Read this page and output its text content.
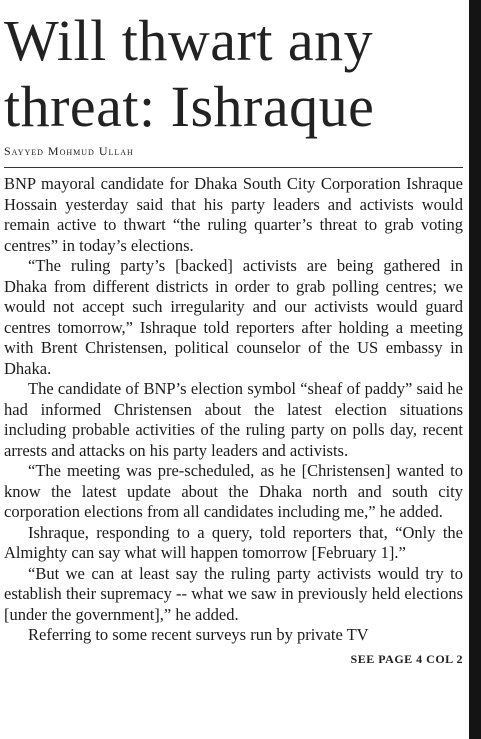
Will thwart any
threat: Ishraque
Sayyed Mohmud Ullah

BNP mayoral candidate for Dhaka South City Corporation Ishraque Hossain yesterday said that his party leaders and activists would remain active to thwart “the ruling quarter’s threat to grab voting centres” in today’s elections.

“The ruling party’s [backed] activists are being gathered in Dhaka from different districts in order to grab polling centres; we would not accept such irregularity and our activists would guard centres tomorrow,” Ishraque told reporters after holding a meeting with Brent Christensen, political counselor of the US embassy in Dhaka.

The candidate of BNP’s election symbol “sheaf of paddy” said he had informed Christensen about the latest election situations including probable activities of the ruling party on polls day, recent arrests and attacks on his party leaders and activists.

“The meeting was pre-scheduled, as he [Christensen] wanted to know the latest update about the Dhaka north and south city corporation elections from all candidates including me,” he added.

Ishraque, responding to a query, told reporters that, “Only the Almighty can say what will happen tomorrow [February 1].”

“But we can at least say the ruling party activists would try to establish their supremacy -- what we saw in previously held elections [under the government],” he added.

Referring to some recent surveys run by private TV

SEE PAGE 4 COL 2
